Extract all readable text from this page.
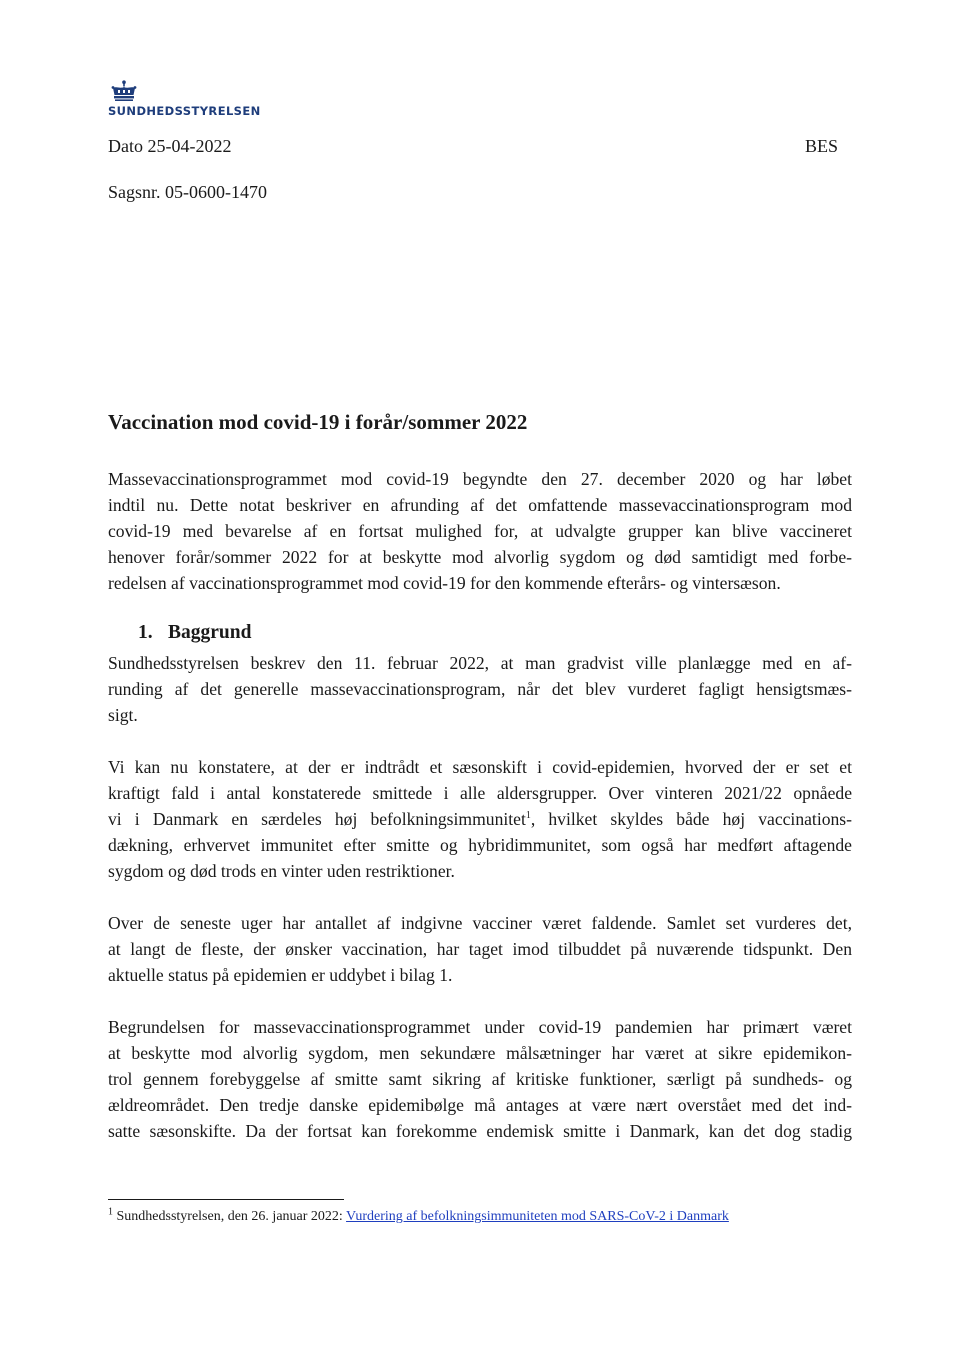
SUNDHEDSSTYRELSEN
Dato 25-04-2022	BES
Sagsnr. 05-0600-1470
Vaccination mod covid-19 i forår/sommer 2022
Massevaccinationsprogrammet mod covid-19 begyndte den 27. december 2020 og har løbet
indtil nu. Dette notat beskriver en afrunding af det omfattende massevaccinationsprogram mod
covid-19 med bevarelse af en fortsat mulighed for, at udvalgte grupper kan blive vaccineret
henover forår/sommer 2022 for at beskytte mod alvorlig sygdom og død samtidigt med forbe-
redelsen af vaccinationsprogrammet mod covid-19 for den kommende efterårs- og vintersæson.
1. Baggrund
Sundhedsstyrelsen beskrev den 11. februar 2022, at man gradvist ville planlægge med en af-
runding af det generelle massevaccinationsprogram, når det blev vurderet fagligt hensigtsmæs-
sigt.
Vi kan nu konstatere, at der er indtrådt et sæsonskift i covid-epidemien, hvorved der er set et
kraftigt fald i antal konstaterede smittede i alle aldersgrupper. Over vinteren 2021/22 opnåede
vi i Danmark en særdeles høj befolkningsimmunitet$^1$, hvilket skyldes både høj vaccinations-
dækning, erhvervet immunitet efter smitte og hybridimmunitet, som også har medført aftagende
sygdom og død trods en vinter uden restriktioner.
Over de seneste uger har antallet af indgivne vacciner været faldende. Samlet set vurderes det,
at langt de fleste, der ønsker vaccination, har taget imod tilbuddet på nuværende tidspunkt. Den
aktuelle status på epidemien er uddybet i bilag 1.
Begrundelsen for massevaccinationsprogrammet under covid-19 pandemien har primært været
at beskytte mod alvorlig sygdom, men sekundære målsætninger har været at sikre epidemikon-
trol gennem forebyggelse af smitte samt sikring af kritiske funktioner, særligt på sundheds- og
ældreområdet. Den tredje danske epidemibølge må antages at være nært overstået med det ind-
satte sæsonskifte. Da der fortsat kan forekomme endemisk smitte i Danmark, kan det dog stadig
$^1$ Sundhedsstyrelsen, den 26. januar 2022: Vurdering af befolkningsimmuniteten mod SARS-CoV-2 i Danmark
